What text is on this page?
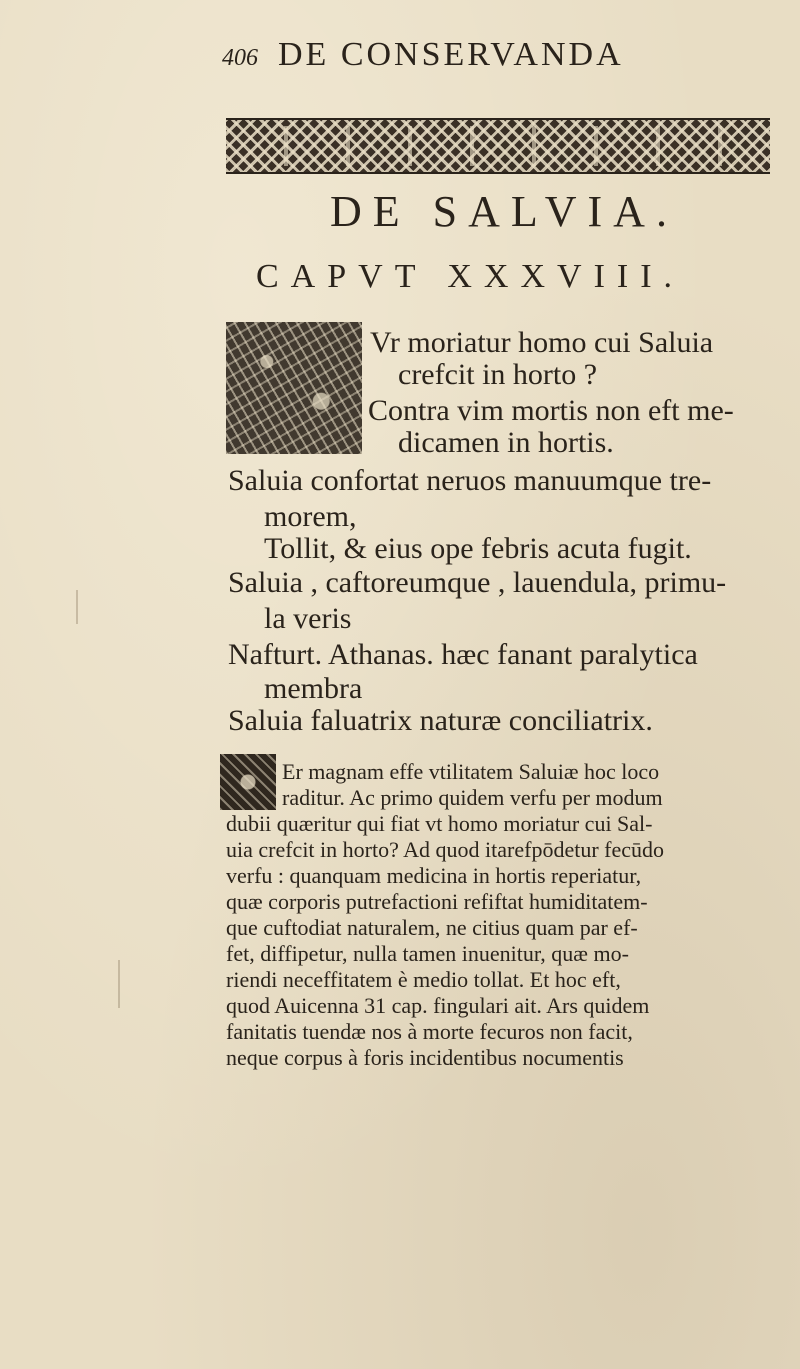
406 DE CONSERVANDA
DE SALVIA.
CAPVT XXXVIII.
Vr moriatur homo cui Saluia
crefcit in horto ?
Contra vim mortis non eft me-
dicamen in hortis.
Saluia confortat neruos manuumque tre-
morem,
Tollit, & eius ope febris acuta fugit.
Saluia , caftoreumque , lauendula, primu-
la veris
Nafturt. Athanas. hæc fanant paralytica
membra
Saluia faluatrix naturæ conciliatrix.
Er magnam effe vtilitatem Saluiæ hoc loco
raditur. Ac primo quidem verfu per modum
dubii quæritur qui fiat vt homo moriatur cui Sal-
uia crefcit in horto? Ad quod itarefpōdetur fecūdo
verfu : quanquam medicina in hortis reperiatur,
quæ corporis putrefactioni refiftat humiditatem-
que cuftodiat naturalem, ne citius quam par ef-
fet, diffipetur, nulla tamen inuenitur, quæ mo-
riendi neceffitatem è medio tollat. Et hoc eft,
quod Auicenna 31 cap. fingulari ait. Ars quidem
fanitatis tuendæ nos à morte fecuros non facit,
neque corpus à foris incidentibus nocumentis
